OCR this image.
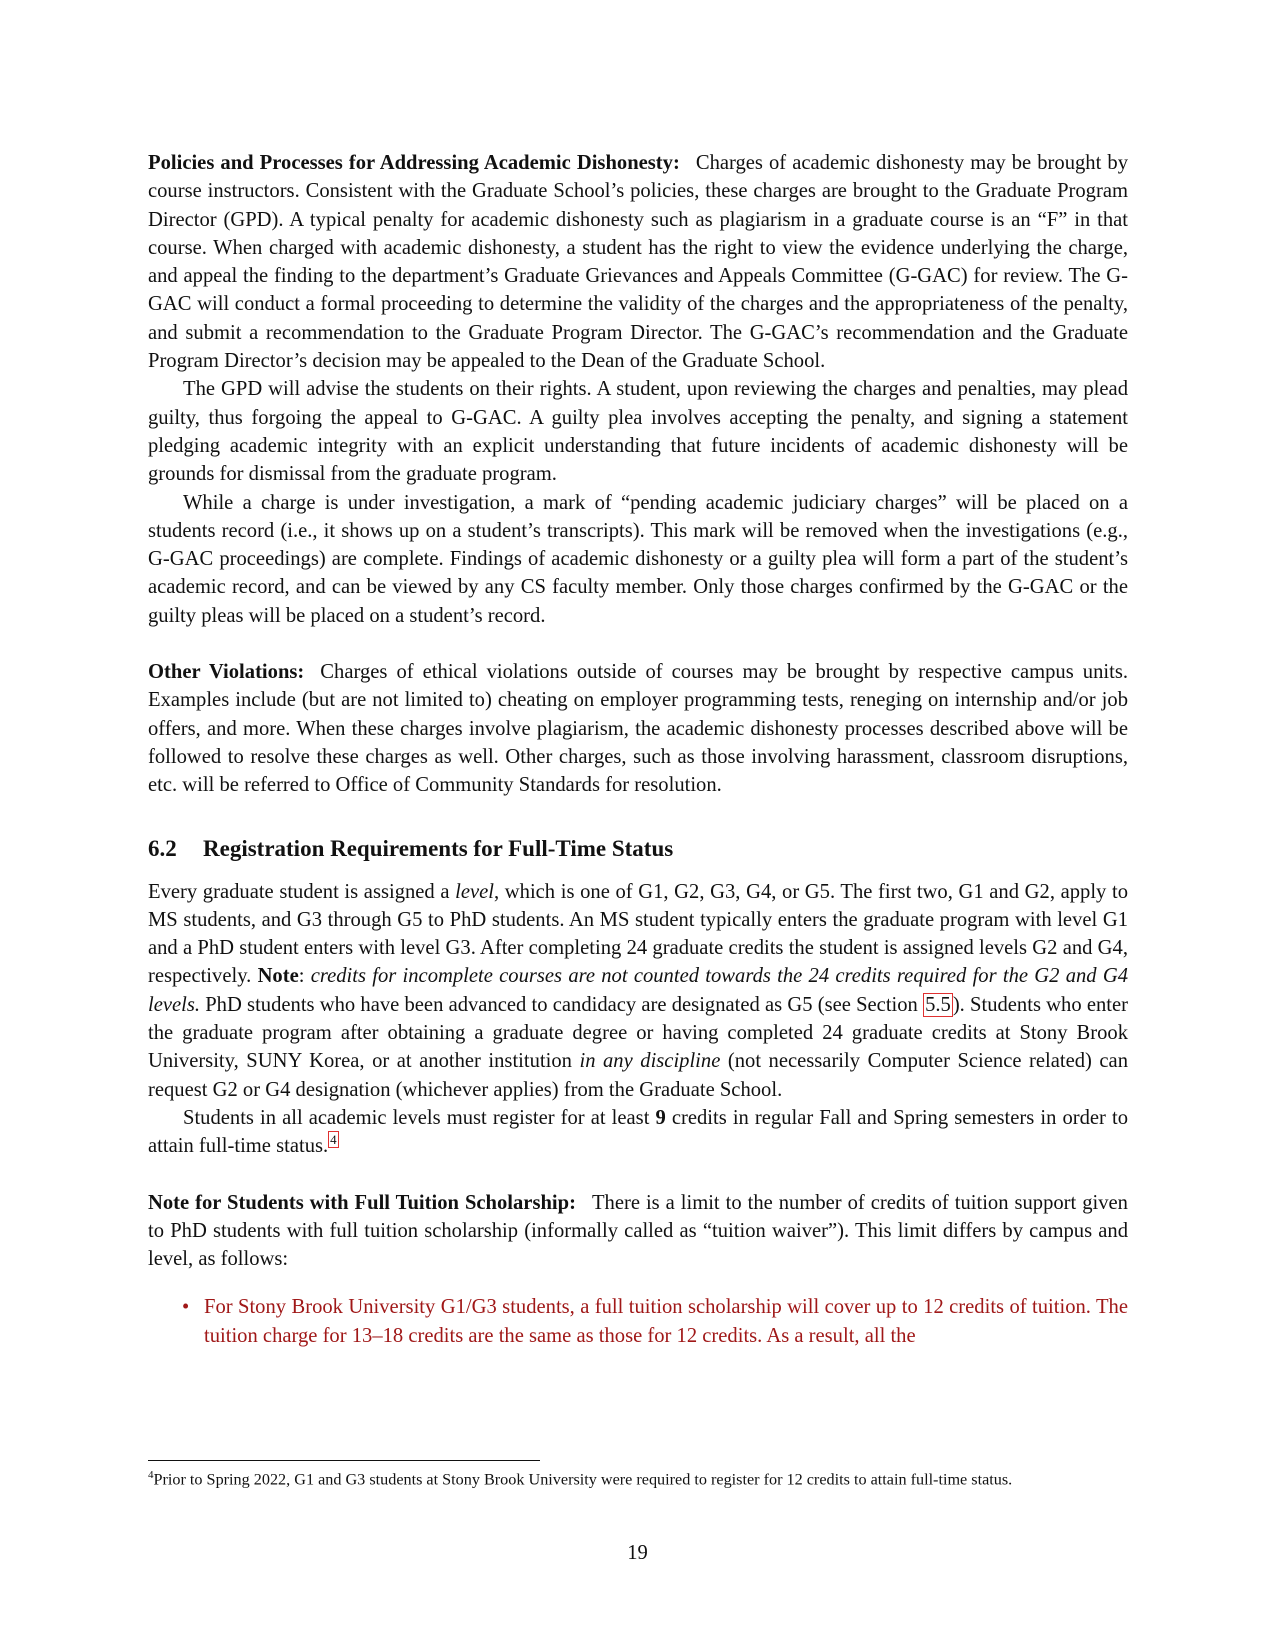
Policies and Processes for Addressing Academic Dishonesty: Charges of academic dishonesty may be brought by course instructors. Consistent with the Graduate School’s policies, these charges are brought to the Graduate Program Director (GPD). A typical penalty for academic dishonesty such as plagiarism in a graduate course is an “F” in that course. When charged with academic dishonesty, a student has the right to view the evidence underlying the charge, and appeal the finding to the department’s Graduate Grievances and Appeals Committee (G-GAC) for review. The G-GAC will conduct a formal proceeding to determine the validity of the charges and the appropriateness of the penalty, and submit a recommendation to the Graduate Program Director. The G-GAC’s recommendation and the Graduate Program Director’s decision may be appealed to the Dean of the Graduate School.

The GPD will advise the students on their rights. A student, upon reviewing the charges and penalties, may plead guilty, thus forgoing the appeal to G-GAC. A guilty plea involves accepting the penalty, and signing a statement pledging academic integrity with an explicit understanding that future incidents of academic dishonesty will be grounds for dismissal from the graduate program.

While a charge is under investigation, a mark of “pending academic judiciary charges” will be placed on a students record (i.e., it shows up on a student’s transcripts). This mark will be removed when the investigations (e.g., G-GAC proceedings) are complete. Findings of academic dishonesty or a guilty plea will form a part of the student’s academic record, and can be viewed by any CS faculty member. Only those charges confirmed by the G-GAC or the guilty pleas will be placed on a student’s record.

Other Violations: Charges of ethical violations outside of courses may be brought by respective campus units. Examples include (but are not limited to) cheating on employer programming tests, reneging on internship and/or job offers, and more. When these charges involve plagiarism, the academic dishonesty processes described above will be followed to resolve these charges as well. Other charges, such as those involving harassment, classroom disruptions, etc. will be referred to Office of Community Standards for resolution.

6.2 Registration Requirements for Full-Time Status

Every graduate student is assigned a level, which is one of G1, G2, G3, G4, or G5. The first two, G1 and G2, apply to MS students, and G3 through G5 to PhD students. An MS student typically enters the graduate program with level G1 and a PhD student enters with level G3. After completing 24 graduate credits the student is assigned levels G2 and G4, respectively. Note: credits for incomplete courses are not counted towards the 24 credits required for the G2 and G4 levels. PhD students who have been advanced to candidacy are designated as G5 (see Section 5.5). Students who enter the graduate program after obtaining a graduate degree or having completed 24 graduate credits at Stony Brook University, SUNY Korea, or at another institution in any discipline (not necessarily Computer Science related) can request G2 or G4 designation (whichever applies) from the Graduate School.

Students in all academic levels must register for at least 9 credits in regular Fall and Spring semesters in order to attain full-time status. $^4$

Note for Students with Full Tuition Scholarship: There is a limit to the number of credits of tuition support given to PhD students with full tuition scholarship (informally called as “tuition waiver”). This limit differs by campus and level, as follows:

• For Stony Brook University G1/G3 students, a full tuition scholarship will cover up to 12 credits of tuition. The tuition charge for 13–18 credits are the same as those for 12 credits. As a result, all the
$^4$Prior to Spring 2022, G1 and G3 students at Stony Brook University were required to register for 12 credits to attain full-time status.
19
